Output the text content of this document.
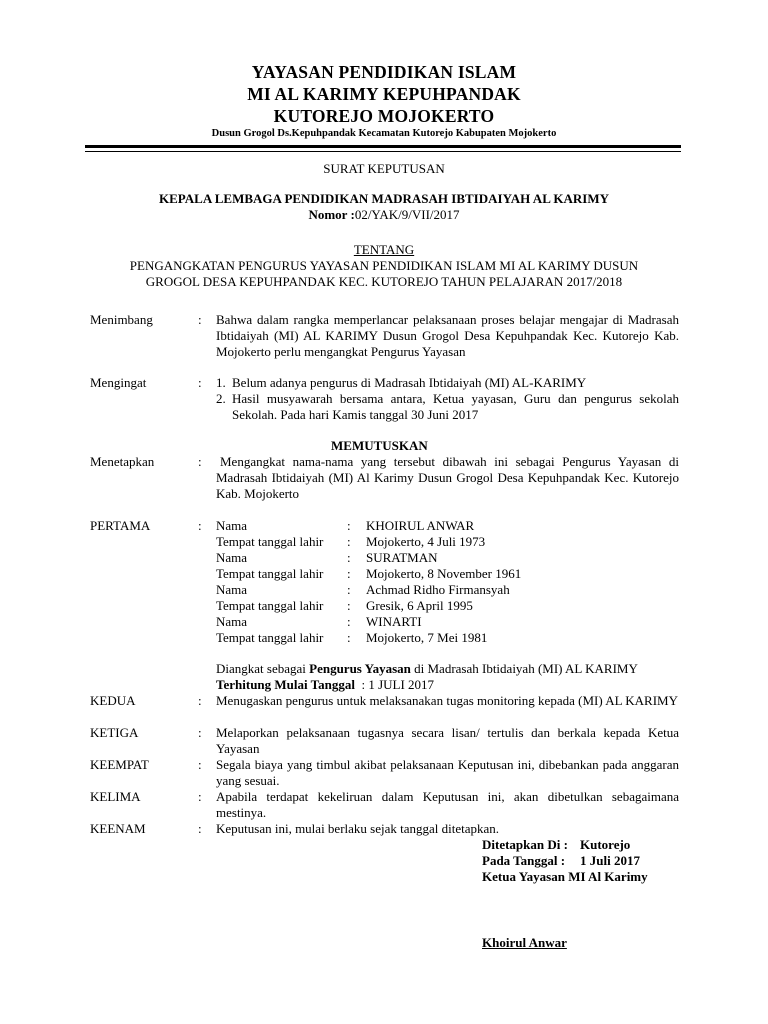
YAYASAN PENDIDIKAN ISLAM
MI AL KARIMY KEPUHPANDAK
KUTOREJO MOJOKERTO
Dusun Grogol Ds.Kepuhpandak Kecamatan Kutorejo Kabupaten Mojokerto
SURAT KEPUTUSAN
KEPALA LEMBAGA PENDIDIKAN MADRASAH IBTIDAIYAH AL KARIMY
Nomor :02/YAK/9/VII/2017
TENTANG
PENGANGKATAN PENGURUS YAYASAN PENDIDIKAN ISLAM MI AL KARIMY DUSUN
GROGOL DESA KEPUHPANDAK KEC. KUTOREJO TAHUN PELAJARAN 2017/2018
Menimbang	: Bahwa dalam rangka memperlancar pelaksanaan proses belajar mengajar di Madrasah Ibtidaiyah (MI) AL KARIMY Dusun Grogol Desa Kepuhpandak Kec. Kutorejo Kab. Mojokerto perlu mengangkat Pengurus Yayasan
Mengingat	: 1. Belum adanya pengurus di Madrasah Ibtidaiyah (MI) AL-KARIMY
2. Hasil musyawarah bersama antara, Ketua yayasan, Guru dan pengurus sekolah Sekolah. Pada hari Kamis tanggal 30 Juni 2017
MEMUTUSKAN
Menetapkan	:	Mengangkat nama-nama yang tersebut dibawah ini sebagai Pengurus Yayasan di Madrasah Ibtidaiyah (MI) Al Karimy Dusun Grogol Desa Kepuhpandak Kec. Kutorejo Kab. Mojokerto
PERTAMA	: Nama	: KHOIRUL ANWAR
Tempat tanggal lahir : Mojokerto, 4 Juli 1973
Nama	: SURATMAN
Tempat tanggal lahir : Mojokerto, 8 November 1961
Nama	: Achmad Ridho Firmansyah
Tempat tanggal lahir : Gresik, 6 April 1995
Nama	: WINARTI
Tempat tanggal lahir : Mojokerto, 7 Mei 1981
Diangkat sebagai Pengurus Yayasan di Madrasah Ibtidaiyah (MI) AL KARIMY
Terhitung Mulai Tanggal  : 1 JULI 2017
KEDUA	: Menugaskan pengurus untuk melaksanakan tugas monitoring kepada (MI) AL KARIMY
KETIGA	: Melaporkan pelaksanaan tugasnya secara lisan/ tertulis dan berkala kepada Ketua Yayasan
KEEMPAT	: Segala biaya yang timbul akibat pelaksanaan Keputusan ini, dibebankan pada anggaran yang sesuai.
KELIMA	: Apabila terdapat kekeliruan dalam Keputusan ini, akan dibetulkan sebagaimana mestinya.
KEENAM	: Keputusan ini, mulai berlaku sejak tanggal ditetapkan.
Ditetapkan Di : Kutorejo
Pada Tanggal : 1 Juli 2017
Ketua Yayasan MI Al Karimy
Khoirul Anwar
